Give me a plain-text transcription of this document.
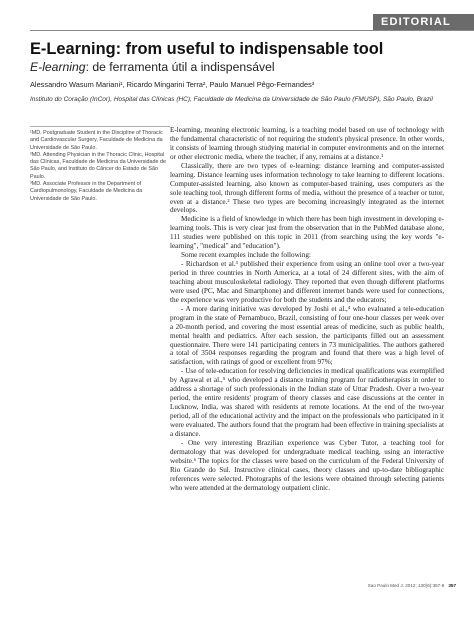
EDITORIAL
E-Learning: from useful to indispensable tool
E-learning: de ferramenta útil a indispensável
Alessandro Wasum Mariani¹, Ricardo Mingarini Terra², Paulo Manuel Pêgo-Fernandes³
Instituto do Coração (InCor), Hospital das Clínicas (HC), Faculdade de Medicina da Universidade de São Paulo (FMUSP), São Paulo, Brazil

¹MD. Postgraduate Student in the Discipline of Thoracic and Cardiovascular Surgery, Faculdade de Medicina da Universidade de São Paulo.

²MD. Attending Physician in the Thoracic Clinic, Hospital das Clínicas, Faculdade de Medicina da Universidade de São Paulo, and Instituto do Câncer do Estado de São Paulo.

³MD. Associate Professor in the Department of Cardiopulmonology, Faculdade de Medicina da Universidade de São Paulo.

E-learning, meaning electronic learning, is a teaching model based on use of technology with the fundamental characteristic of not requiring the student's physical presence. In other words, it consists of learning through studying material in computer environments and on the internet or other electronic media, where the teacher, if any, remains at a distance.¹

Classically, there are two types of e-learning: distance learning and computer-assisted learning. Distance learning uses information technology to take learning to different locations. Computer-assisted learning, also known as computer-based training, uses computers as the sole teaching tool, through different forms of media, without the presence of a teacher or tutor, even at a distance.² These two types are becoming increasingly integrated as the internet develops.

Medicine is a field of knowledge in which there has been high investment in developing e-learning tools. This is very clear just from the observation that in the PubMed database alone, 111 studies were published on this topic in 2011 (from searching using the key words "e-learning", "medical" and "education").

Some recent examples include the following:

- Richardson et al.³ published their experience from using an online tool over a two-year period in three countries in North America, at a total of 24 different sites, with the aim of teaching about musculoskeletal radiology. They reported that even though different platforms were used (PC, Mac and Smartphone) and different internet bands were used for connections, the experience was very productive for both the students and the educators;

- A more daring initiative was developed by Joshi et al.,⁴ who evaluated a tele-education program in the state of Pernambuco, Brazil, consisting of four one-hour classes per week over a 20-month period, and covering the most essential areas of medicine, such as public health, mental health and pediatrics. After each session, the participants filled out an assessment questionnaire. There were 141 participating centers in 73 municipalities. The authors gathered a total of 3504 responses regarding the program and found that there was a high level of satisfaction, with ratings of good or excellent from 97%;

- Use of tele-education for resolving deficiencies in medical qualifications was exemplified by Agrawal et al.,⁵ who developed a distance training program for radiotherapists in order to address a shortage of such professionals in the Indian state of Uttar Pradesh. Over a two-year period, the entire residents' program of theory classes and case discussions at the center in Lucknow, India, was shared with residents at remote locations. At the end of the two-year period, all of the educational activity and the impact on the professionals who participated in it were evaluated. The authors found that the program had been effective in training specialists at a distance.

- One very interesting Brazilian experience was Cyber Tutor, a teaching tool for dermatology that was developed for undergraduate medical teaching, using an interactive website.⁶ The topics for the classes were based on the curriculum of the Federal University of Rio Grande do Sul. Instructive clinical cases, theory classes and up-to-date bibliographic references were selected. Photographs of the lesions were obtained through selecting patients who were attended at the dermatology outpatient clinic.

Sao Paulo Med J. 2012; 130(6):357-9 357
